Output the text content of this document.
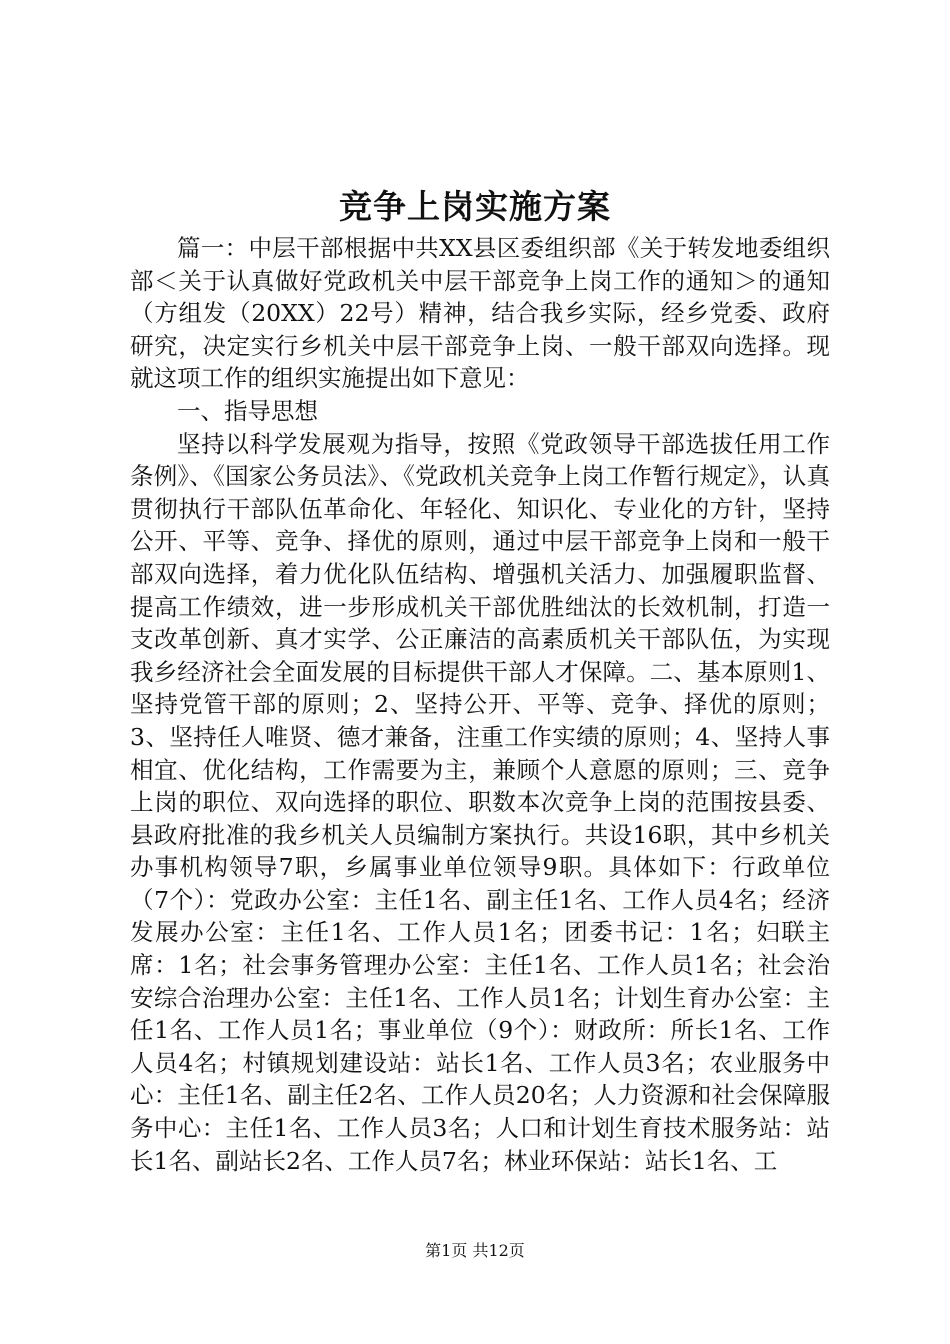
竞争上岗实施方案

篇一：中层干部根据中共XX县区委组织部《关于转发地委组织部＜关于认真做好党政机关中层干部竞争上岗工作的通知＞的通知（方组发（20XX）22号）精神，结合我乡实际，经乡党委、政府研究，决定实行乡机关中层干部竞争上岗、一般干部双向选择。现就这项工作的组织实施提出如下意见：

一、指导思想

坚持以科学发展观为指导，按照《党政领导干部选拔任用工作条例》、《国家公务员法》、《党政机关竞争上岗工作暂行规定》，认真贯彻执行干部队伍革命化、年轻化、知识化、专业化的方针，坚持公开、平等、竞争、择优的原则，通过中层干部竞争上岗和一般干部双向选择，着力优化队伍结构、增强机关活力、加强履职监督、提高工作绩效，进一步形成机关干部优胜绌汰的长效机制，打造一支改革创新、真才实学、公正廉洁的高素质机关干部队伍，为实现我乡经济社会全面发展的目标提供干部人才保障。二、基本原则1、坚持党管干部的原则；2、坚持公开、平等、竞争、择优的原则；3、坚持任人唯贤、德才兼备，注重工作实绩的原则；4、坚持人事相宜、优化结构，工作需要为主，兼顾个人意愿的原则；三、竞争上岗的职位、双向选择的职位、职数本次竞争上岗的范围按县委、县政府批准的我乡机关人员编制方案执行。共设16职，其中乡机关办事机构领导7职，乡属事业单位领导9职。具体如下：行政单位（7个）：党政办公室：主任1名、副主任1名、工作人员4名；经济发展办公室：主任1名、工作人员1名；团委书记：1名；妇联主席：1名；社会事务管理办公室：主任1名、工作人员1名；社会治安综合治理办公室：主任1名、工作人员1名；计划生育办公室：主任1名、工作人员1名；事业单位（9个）：财政所：所长1名、工作人员4名；村镇规划建设站：站长1名、工作人员3名；农业服务中心：主任1名、副主任2名、工作人员20名；人力资源和社会保障服务中心：主任1名、工作人员3名；人口和计划生育技术服务站：站长1名、副站长2名、工作人员7名；林业环保站：站长1名、工

第1页 共12页
